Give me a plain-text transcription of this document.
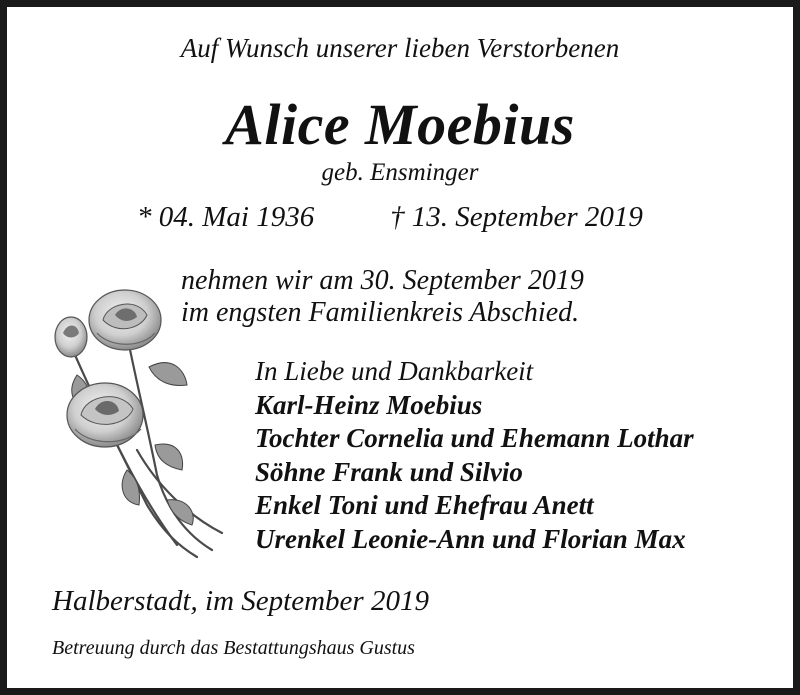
Auf Wunsch unserer lieben Verstorbenen

Alice Moebius

geb. Ensminger

* 04. Mai 1936	† 13. September 2019

nehmen wir am 30. September 2019
im engsten Familienkreis Abschied.
In Liebe und Dankbarkeit
Karl-Heinz Moebius
Tochter Cornelia und Ehemann Lothar
Söhne Frank und Silvio
Enkel Toni und Ehefrau Anett
Urenkel Leonie-Ann und Florian Max

Halberstadt, im September 2019

Betreuung durch das Bestattungshaus Gustus
